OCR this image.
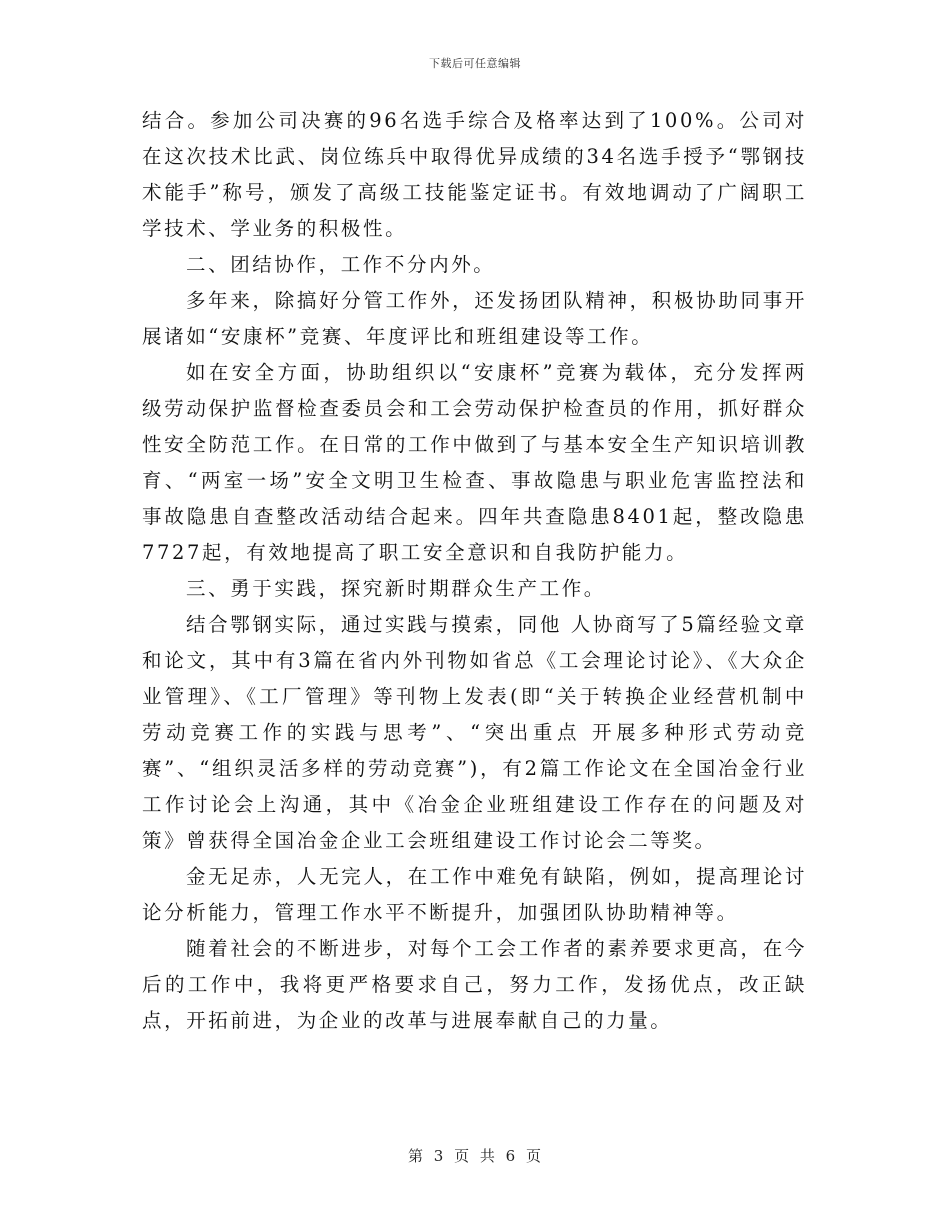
下载后可任意编辑

结合。参加公司决赛的96名选手综合及格率达到了100%。公司对在这次技术比武、岗位练兵中取得优异成绩的34名选手授予“鄂钢技术能手”称号，颁发了高级工技能鉴定证书。有效地调动了广阔职工学技术、学业务的积极性。

二、团结协作，工作不分内外。

多年来，除搞好分管工作外，还发扬团队精神，积极协助同事开展诸如“安康杯”竞赛、年度评比和班组建设等工作。

如在安全方面，协助组织以“安康杯”竞赛为载体，充分发挥两级劳动保护监督检查委员会和工会劳动保护检查员的作用，抓好群众性安全防范工作。在日常的工作中做到了与基本安全生产知识培训教育、“两室一场”安全文明卫生检查、事故隐患与职业危害监控法和事故隐患自查整改活动结合起来。四年共查隐患8401起，整改隐患7727起，有效地提高了职工安全意识和自我防护能力。

三、勇于实践，探究新时期群众生产工作。

结合鄂钢实际，通过实践与摸索，同他 人协商写了5篇经验文章和论文，其中有3篇在省内外刊物如省总《工会理论讨论》、《大众企业管理》、《工厂管理》等刊物上发表(即“关于转换企业经营机制中劳动竞赛工作的实践与思考”、“突出重点 开展多种形式劳动竞赛”、“组织灵活多样的劳动竞赛”)，有2篇工作论文在全国冶金行业工作讨论会上沟通，其中《冶金企业班组建设工作存在的问题及对策》曾获得全国冶金企业工会班组建设工作讨论会二等奖。

金无足赤，人无完人，在工作中难免有缺陷，例如，提高理论讨论分析能力，管理工作水平不断提升，加强团队协助精神等。

随着社会的不断进步，对每个工会工作者的素养要求更高，在今后的工作中，我将更严格要求自己，努力工作，发扬优点，改正缺点，开拓前进，为企业的改革与进展奉献自己的力量。

第 3 页 共 6 页
